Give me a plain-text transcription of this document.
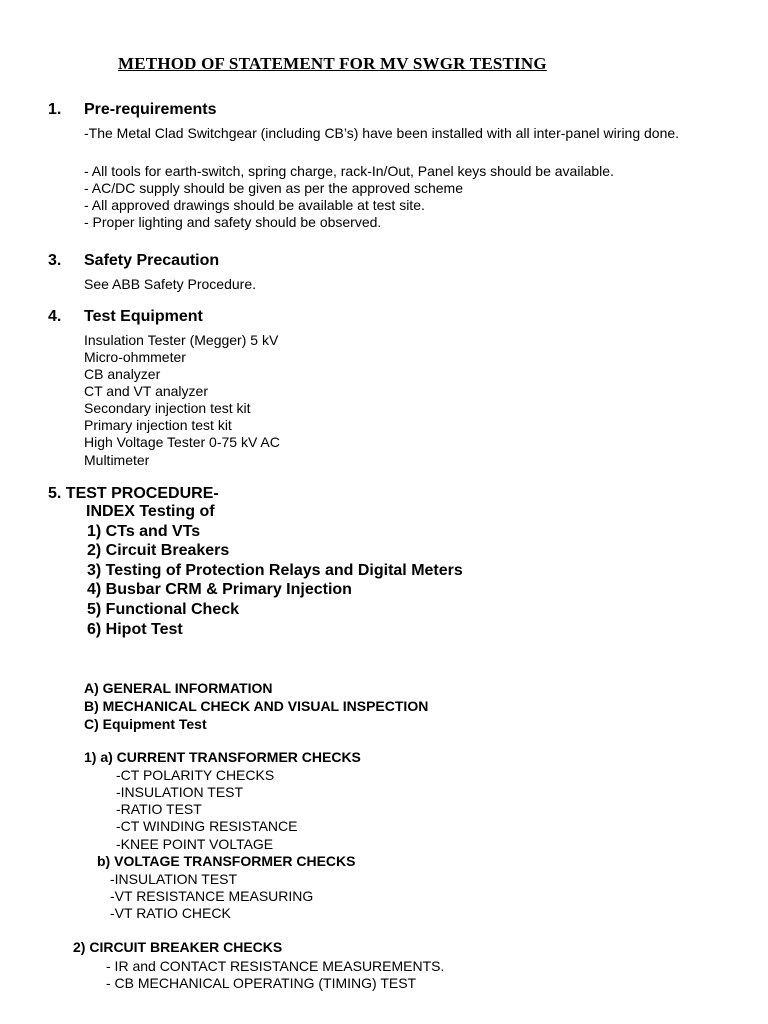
METHOD OF STATEMENT FOR MV SWGR TESTING
1. Pre-requirements
-The Metal Clad Switchgear (including CB’s) have been installed with all inter-panel wiring done.
- All tools for earth-switch, spring charge, rack-In/Out, Panel keys should be available.
- AC/DC supply should be given as per the approved scheme
- All approved drawings should be available at test site.
- Proper lighting and safety should be observed.
3. Safety Precaution
See ABB Safety Procedure.
4. Test Equipment
Insulation Tester (Megger) 5 kV
Micro-ohmmeter
CB analyzer
CT and VT analyzer
Secondary injection test kit
Primary injection test kit
High Voltage Tester 0-75 kV AC
Multimeter
5. TEST PROCEDURE-
INDEX Testing of
1) CTs and VTs
2) Circuit Breakers
3) Testing of Protection Relays and Digital Meters
4) Busbar CRM & Primary Injection
5) Functional Check
6) Hipot Test
A) GENERAL INFORMATION
B) MECHANICAL CHECK AND VISUAL INSPECTION
C) Equipment Test
1) a) CURRENT TRANSFORMER CHECKS
-CT POLARITY CHECKS
-INSULATION TEST
-RATIO TEST
-CT WINDING RESISTANCE
-KNEE POINT VOLTAGE
b) VOLTAGE TRANSFORMER CHECKS
-INSULATION TEST
-VT RESISTANCE MEASURING
-VT RATIO CHECK
2) CIRCUIT BREAKER CHECKS
- IR and CONTACT RESISTANCE MEASUREMENTS.
- CB MECHANICAL OPERATING (TIMING) TEST
